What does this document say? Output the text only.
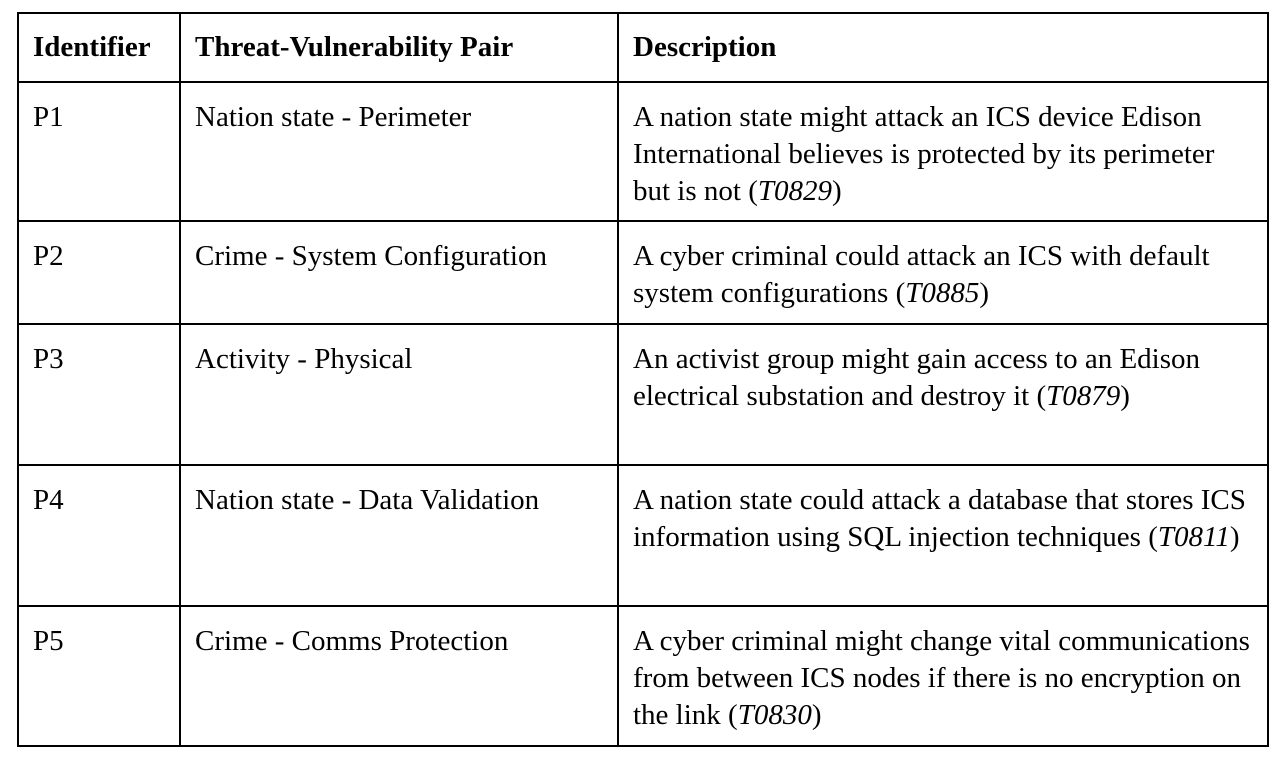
Identifier	Threat-Vulnerability Pair	Description
P1	Nation state - Perimeter	A nation state might attack an ICS device Edison International believes is protected by its perimeter but is not (T0829)
P2	Crime - System Configuration	A cyber criminal could attack an ICS with default system configurations (T0885)
P3	Activity - Physical	An activist group might gain access to an Edison electrical substation and destroy it (T0879)
P4	Nation state - Data Validation	A nation state could attack a database that stores ICS information using SQL injection techniques (T0811)
P5	Crime - Comms Protection	A cyber criminal might change vital communications from between ICS nodes if there is no encryption on the link (T0830)
